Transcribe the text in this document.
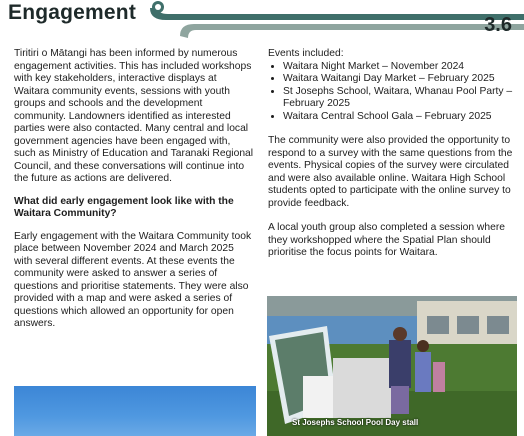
Engagement
3.6

Tiritiri o Mātangi has been informed by numerous engagement activities. This has included workshops with key stakeholders, interactive displays at Waitara community events, sessions with youth groups and schools and the development community. Landowners identified as interested parties were also contacted. Many central and local government agencies have been engaged with, such as Ministry of Education and Taranaki Regional Council, and these conversations will continue into the future as actions are delivered.

What did early engagement look like with the Waitara Community?

Early engagement with the Waitara Community took place between November 2024 and March 2025 with several different events. At these events the community were asked to answer a series of questions and prioritise statements. They were also provided with a map and were asked a series of questions which allowed an opportunity for open answers.

Events included:

• Waitara Night Market – November 2024
• Waitara Waitangi Day Market – February 2025
• St Josephs School, Waitara, Whanau Pool Party – February 2025
• Waitara Central School Gala – February 2025

The community were also provided the opportunity to respond to a survey with the same questions from the events. Physical copies of the survey were circulated and were also available online. Waitara High School students opted to participate with the online survey to provide feedback.

A local youth group also completed a session where they workshopped where the Spatial Plan should prioritise the focus points for Waitara.

St Josephs School Pool Day stall
